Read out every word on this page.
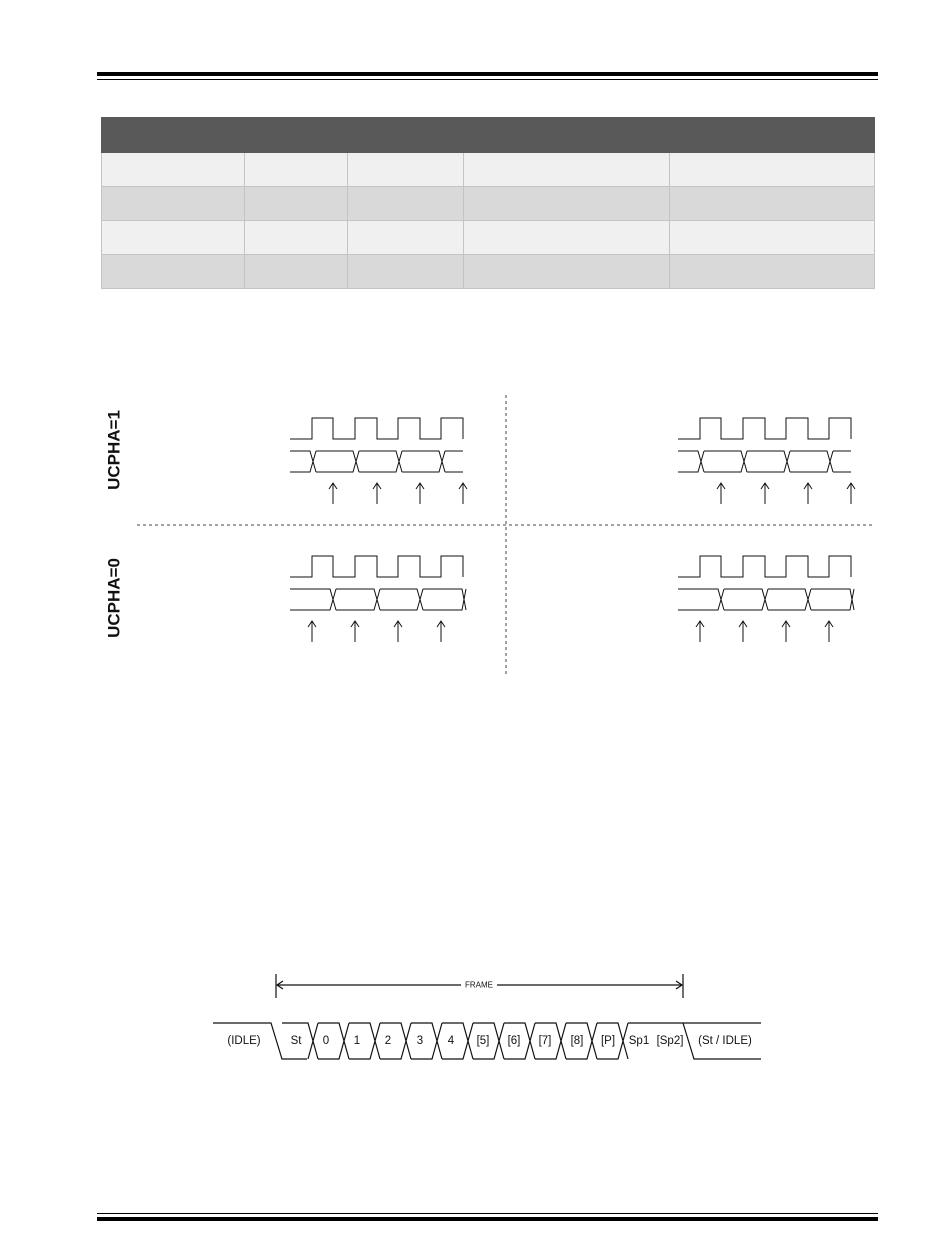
UCPHA=1
UCPHA=0
FRAME
(IDLE)	St 0 1 2 3 4 [5] [6] [7] [8] [P] Sp1 [Sp2] (St / IDLE)
